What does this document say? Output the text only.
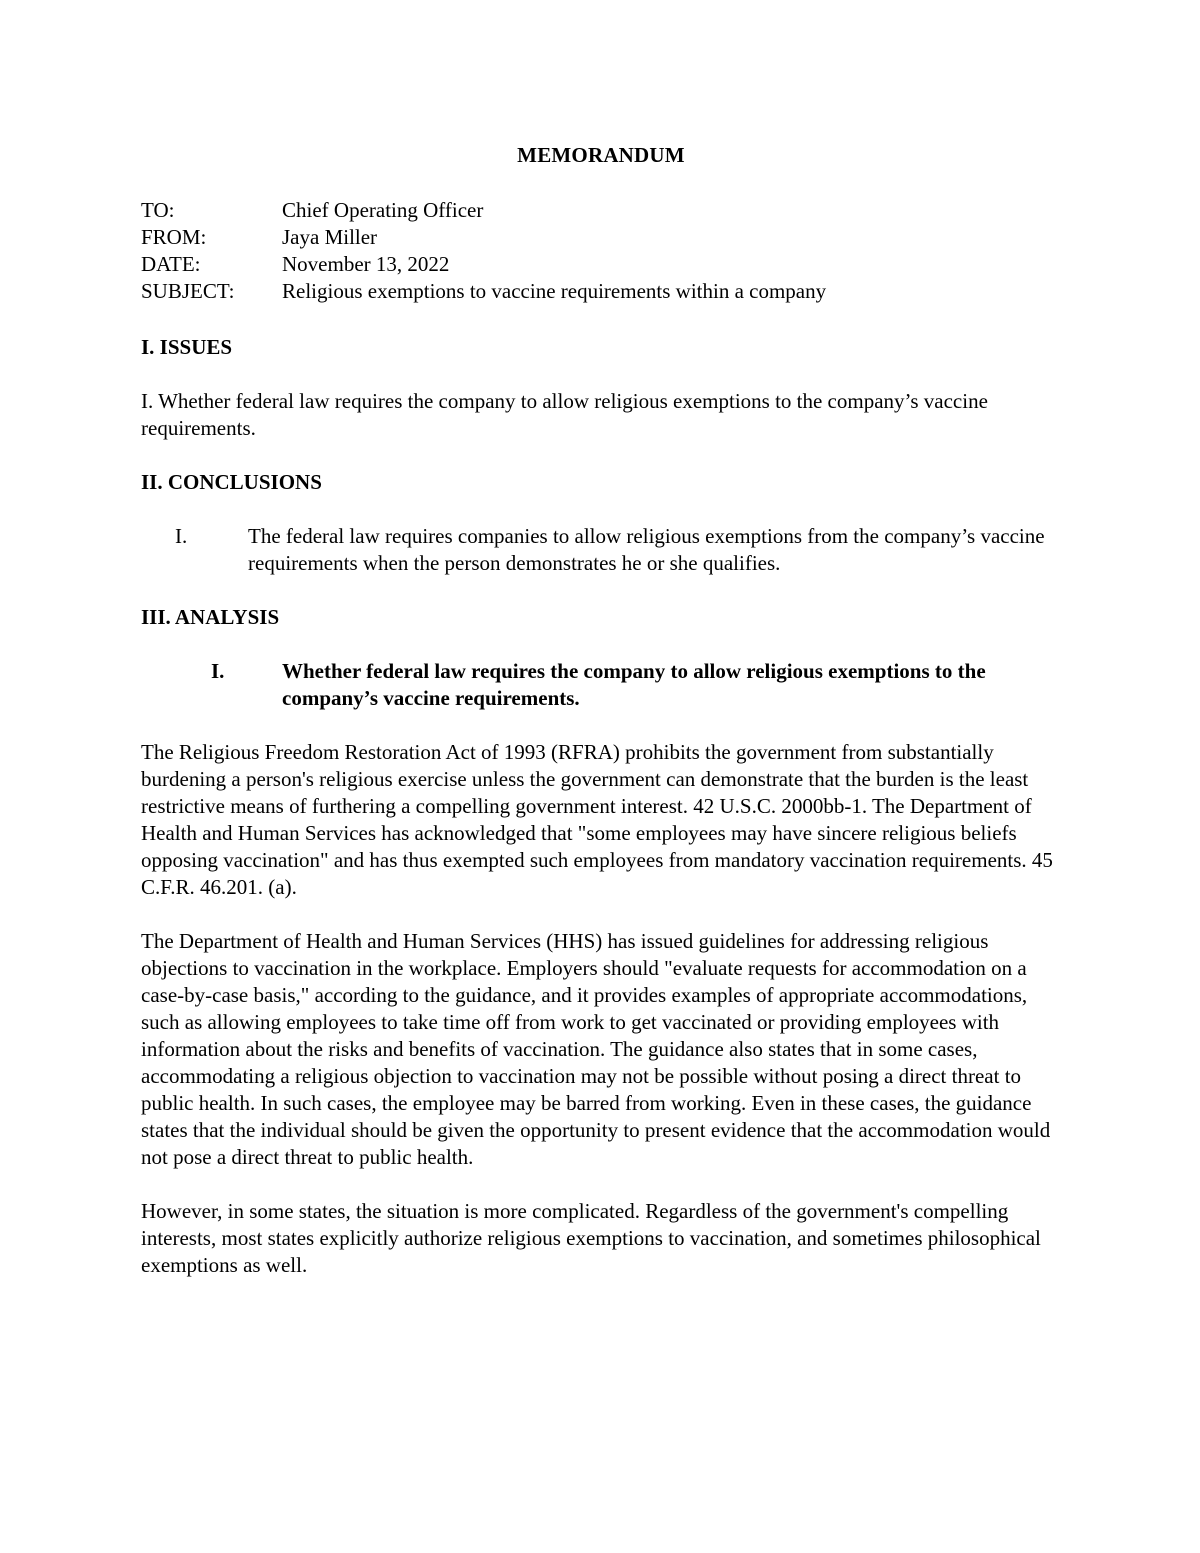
MEMORANDUM
TO:	Chief Operating Officer
FROM:	Jaya Miller
DATE:	November 13, 2022
SUBJECT:	Religious exemptions to vaccine requirements within a company
I. ISSUES

I. Whether federal law requires the company to allow religious exemptions to the company’s vaccine requirements.

II. CONCLUSIONS
I.	The federal law requires companies to allow religious exemptions from the company’s vaccine requirements when the person demonstrates he or she qualifies.
III. ANALYSIS
I.	Whether federal law requires the company to allow religious exemptions to the company’s vaccine requirements.

The Religious Freedom Restoration Act of 1993 (RFRA) prohibits the government from substantially burdening a person's religious exercise unless the government can demonstrate that the burden is the least restrictive means of furthering a compelling government interest. 42 U.S.C. 2000bb-1. The Department of Health and Human Services has acknowledged that "some employees may have sincere religious beliefs opposing vaccination" and has thus exempted such employees from mandatory vaccination requirements. 45 C.F.R. 46.201. (a).

The Department of Health and Human Services (HHS) has issued guidelines for addressing religious objections to vaccination in the workplace. Employers should "evaluate requests for accommodation on a case-by-case basis," according to the guidance, and it provides examples of appropriate accommodations, such as allowing employees to take time off from work to get vaccinated or providing employees with information about the risks and benefits of vaccination. The guidance also states that in some cases, accommodating a religious objection to vaccination may not be possible without posing a direct threat to public health. In such cases, the employee may be barred from working. Even in these cases, the guidance states that the individual should be given the opportunity to present evidence that the accommodation would not pose a direct threat to public health.

However, in some states, the situation is more complicated. Regardless of the government's compelling interests, most states explicitly authorize religious exemptions to vaccination, and sometimes philosophical exemptions as well.
